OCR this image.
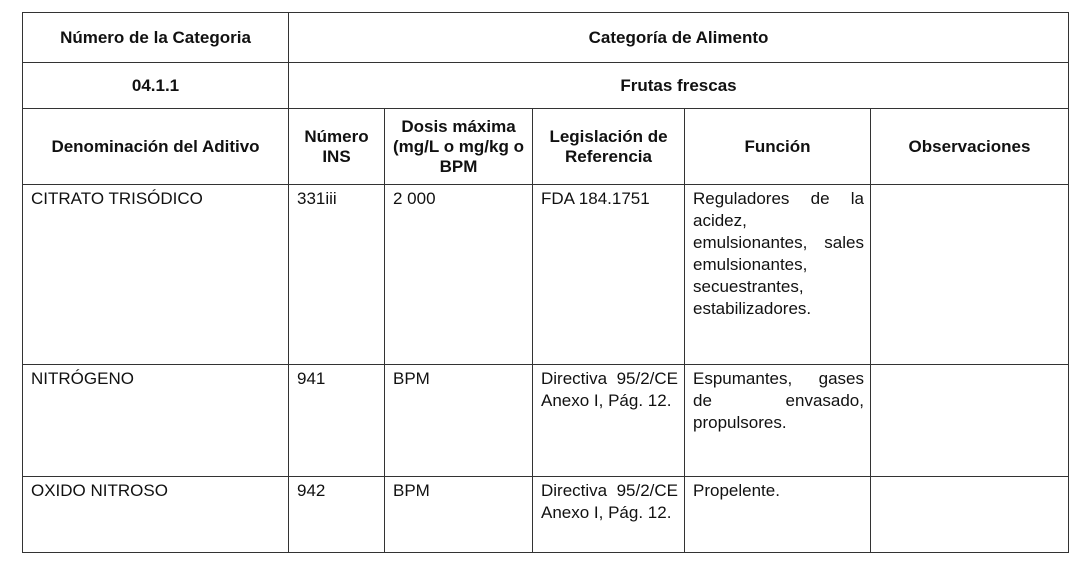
Número de la Categoria	Categoría de Alimento				
04.1.1	Frutas frescas				
Denominación del Aditivo	Número INS	Dosis máxima (mg/L o mg/kg o BPM	Legislación de Referencia	Función	Observaciones
CITRATO TRISÓDICO	331iii	2 000	FDA 184.1751	Reguladores de la acidez, emulsionantes, sales emulsionantes, secuestrantes, estabilizadores.	
NITRÓGENO	941	BPM	Directiva 95/2/CE Anexo I, Pág. 12.	Espumantes, gases de envasado, propulsores.	
OXIDO NITROSO	942	BPM	Directiva 95/2/CE Anexo I, Pág. 12.	Propelente.	
